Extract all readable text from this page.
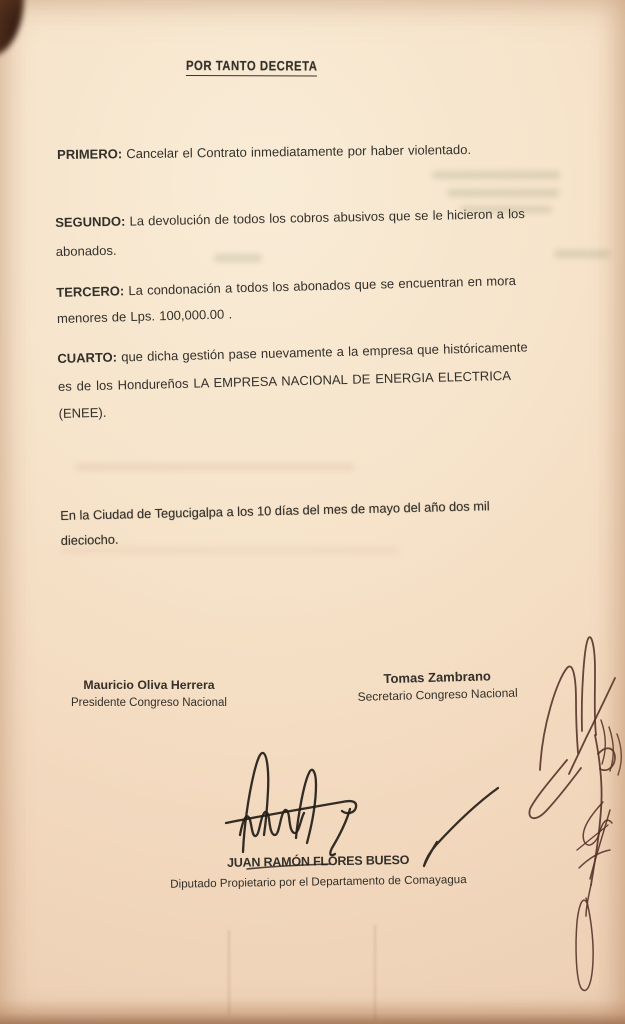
POR TANTO DECRETA
PRIMERO: Cancelar el Contrato inmediatamente por haber violentado.
SEGUNDO: La devolución de todos los cobros abusivos que se le hicieron a los
abonados.
TERCERO: La condonación a todos los abonados que se encuentran en mora
menores de Lps. 100,000.00 .
CUARTO: que dicha gestión pase nuevamente a la empresa que históricamente
es de los Hondureños LA EMPRESA NACIONAL DE ENERGIA ELECTRICA
(ENEE).
En la Ciudad de Tegucigalpa a los 10 días del mes de mayo del año dos mil
dieciocho.
Mauricio Oliva Herrera
Presidente Congreso Nacional
Tomas Zambrano
Secretario Congreso Nacional
JUAN RAMÓN FLORES BUESO
Diputado Propietario por el Departamento de Comayagua
